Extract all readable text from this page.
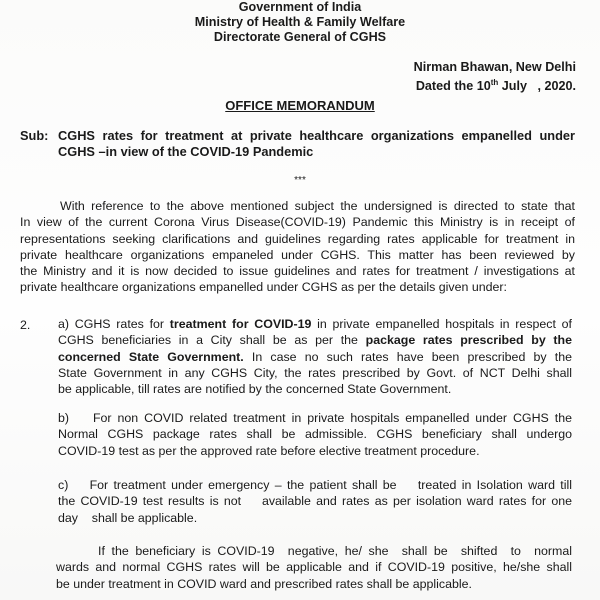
Government of India
Ministry of Health & Family Welfare
Directorate General of CGHS
Nirman Bhawan, New Delhi
Dated the 10th July   , 2020.
OFFICE MEMORANDUM
Sub: CGHS rates for treatment at private healthcare organizations empanelled under
CGHS –in view of the COVID-19 Pandemic
***
With reference to the above mentioned subject the undersigned is directed to state that
In view of the current Corona Virus Disease(COVID-19) Pandemic this Ministry is in receipt of
representations seeking clarifications and guidelines regarding rates applicable for treatment in
private healthcare organizations empaneled under CGHS. This matter has been reviewed by
the Ministry and it is now decided to issue guidelines and rates for treatment / investigations at
private healthcare organizations empanelled under CGHS as per the details given under:
2. a) CGHS rates for treatment for COVID-19 in private empanelled hospitals in respect of
CGHS beneficiaries in a City shall be as per the package rates prescribed by the
concerned State Government. In case no such rates have been prescribed by the
State Government in any CGHS City, the rates prescribed by Govt. of NCT Delhi shall
be applicable, till rates are notified by the concerned State Government.
b)    For non COVID related treatment in private hospitals empanelled under CGHS the
Normal CGHS package rates shall be admissible. CGHS beneficiary shall undergo
COVID-19 test as per the approved rate before elective treatment procedure.
c)    For treatment under emergency – the patient shall be    treated in Isolation ward till
the COVID-19 test results is not    available and rates as per isolation ward rates for one
day    shall be applicable.
If the beneficiary is COVID-19  negative, he/ she  shall be  shifted  to  normal
wards and normal CGHS rates will be applicable and if COVID-19 positive, he/she shall
be under treatment in COVID ward and prescribed rates shall be applicable.
